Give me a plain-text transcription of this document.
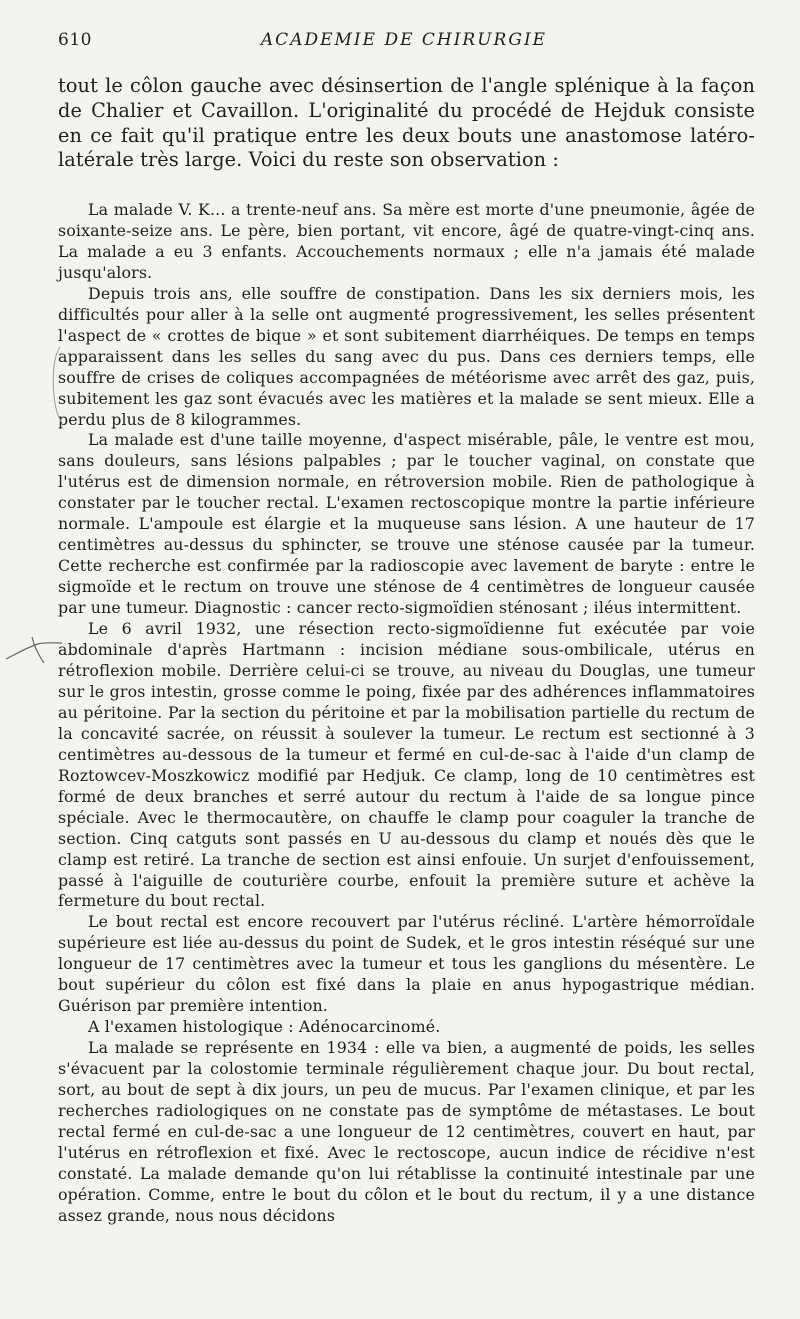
610	ACADEMIE DE CHIRURGIE
tout le côlon gauche avec désinsertion de l'angle splénique à la façon de Chalier et Cavaillon. L'originalité du procédé de Hejduk consiste en ce fait qu'il pratique entre les deux bouts une anastomose latéro-latérale très large. Voici du reste son observation :

La malade V. K... a trente-neuf ans. Sa mère est morte d'une pneumonie, âgée de soixante-seize ans. Le père, bien portant, vit encore, âgé de quatre-vingt-cinq ans. La malade a eu 3 enfants. Accouchements normaux ; elle n'a jamais été malade jusqu'alors.

Depuis trois ans, elle souffre de constipation. Dans les six derniers mois, les difficultés pour aller à la selle ont augmenté progressivement, les selles présentent l'aspect de « crottes de bique » et sont subitement diarrhéiques. De temps en temps apparaissent dans les selles du sang avec du pus. Dans ces derniers temps, elle souffre de crises de coliques accompagnées de météorisme avec arrêt des gaz, puis, subitement les gaz sont évacués avec les matières et la malade se sent mieux. Elle a perdu plus de 8 kilogrammes.

La malade est d'une taille moyenne, d'aspect misérable, pâle, le ventre est mou, sans douleurs, sans lésions palpables ; par le toucher vaginal, on constate que l'utérus est de dimension normale, en rétroversion mobile. Rien de pathologique à constater par le toucher rectal. L'examen rectoscopique montre la partie inférieure normale. L'ampoule est élargie et la muqueuse sans lésion. A une hauteur de 17 centimètres au-dessus du sphincter, se trouve une sténose causée par la tumeur. Cette recherche est confirmée par la radioscopie avec lavement de baryte : entre le sigmoïde et le rectum on trouve une sténose de 4 centimètres de longueur causée par une tumeur. Diagnostic : cancer recto-sigmoïdien sténosant ; iléus intermittent.

Le 6 avril 1932, une résection recto-sigmoïdienne fut exécutée par voie abdominale d'après Hartmann : incision médiane sous-ombilicale, utérus en rétroflexion mobile. Derrière celui-ci se trouve, au niveau du Douglas, une tumeur sur le gros intestin, grosse comme le poing, fixée par des adhérences inflammatoires au péritoine. Par la section du péritoine et par la mobilisation partielle du rectum de la concavité sacrée, on réussit à soulever la tumeur. Le rectum est sectionné à 3 centimètres au-dessous de la tumeur et fermé en cul-de-sac à l'aide d'un clamp de Roztowcev-Moszkowicz modifié par Hedjuk. Ce clamp, long de 10 centimètres est formé de deux branches et serré autour du rectum à l'aide de sa longue pince spéciale. Avec le thermocautère, on chauffe le clamp pour coaguler la tranche de section. Cinq catguts sont passés en U au-dessous du clamp et noués dès que le clamp est retiré. La tranche de section est ainsi enfouie. Un surjet d'enfouissement, passé à l'aiguille de couturière courbe, enfouit la première suture et achève la fermeture du bout rectal.

Le bout rectal est encore recouvert par l'utérus récliné. L'artère hémorroïdale supérieure est liée au-dessus du point de Sudek, et le gros intestin réséqué sur une longueur de 17 centimètres avec la tumeur et tous les ganglions du mésentère. Le bout supérieur du côlon est fixé dans la plaie en anus hypogastrique médian. Guérison par première intention.

A l'examen histologique : Adénocarcinomé.

La malade se représente en 1934 : elle va bien, a augmenté de poids, les selles s'évacuent par la colostomie terminale régulièrement chaque jour. Du bout rectal, sort, au bout de sept à dix jours, un peu de mucus. Par l'examen clinique, et par les recherches radiologiques on ne constate pas de symptôme de métastases. Le bout rectal fermé en cul-de-sac a une longueur de 12 centimètres, couvert en haut, par l'utérus en rétroflexion et fixé. Avec le rectoscope, aucun indice de récidive n'est constaté. La malade demande qu'on lui rétablisse la continuité intestinale par une opération. Comme, entre le bout du côlon et le bout du rectum, il y a une distance assez grande, nous nous décidons
